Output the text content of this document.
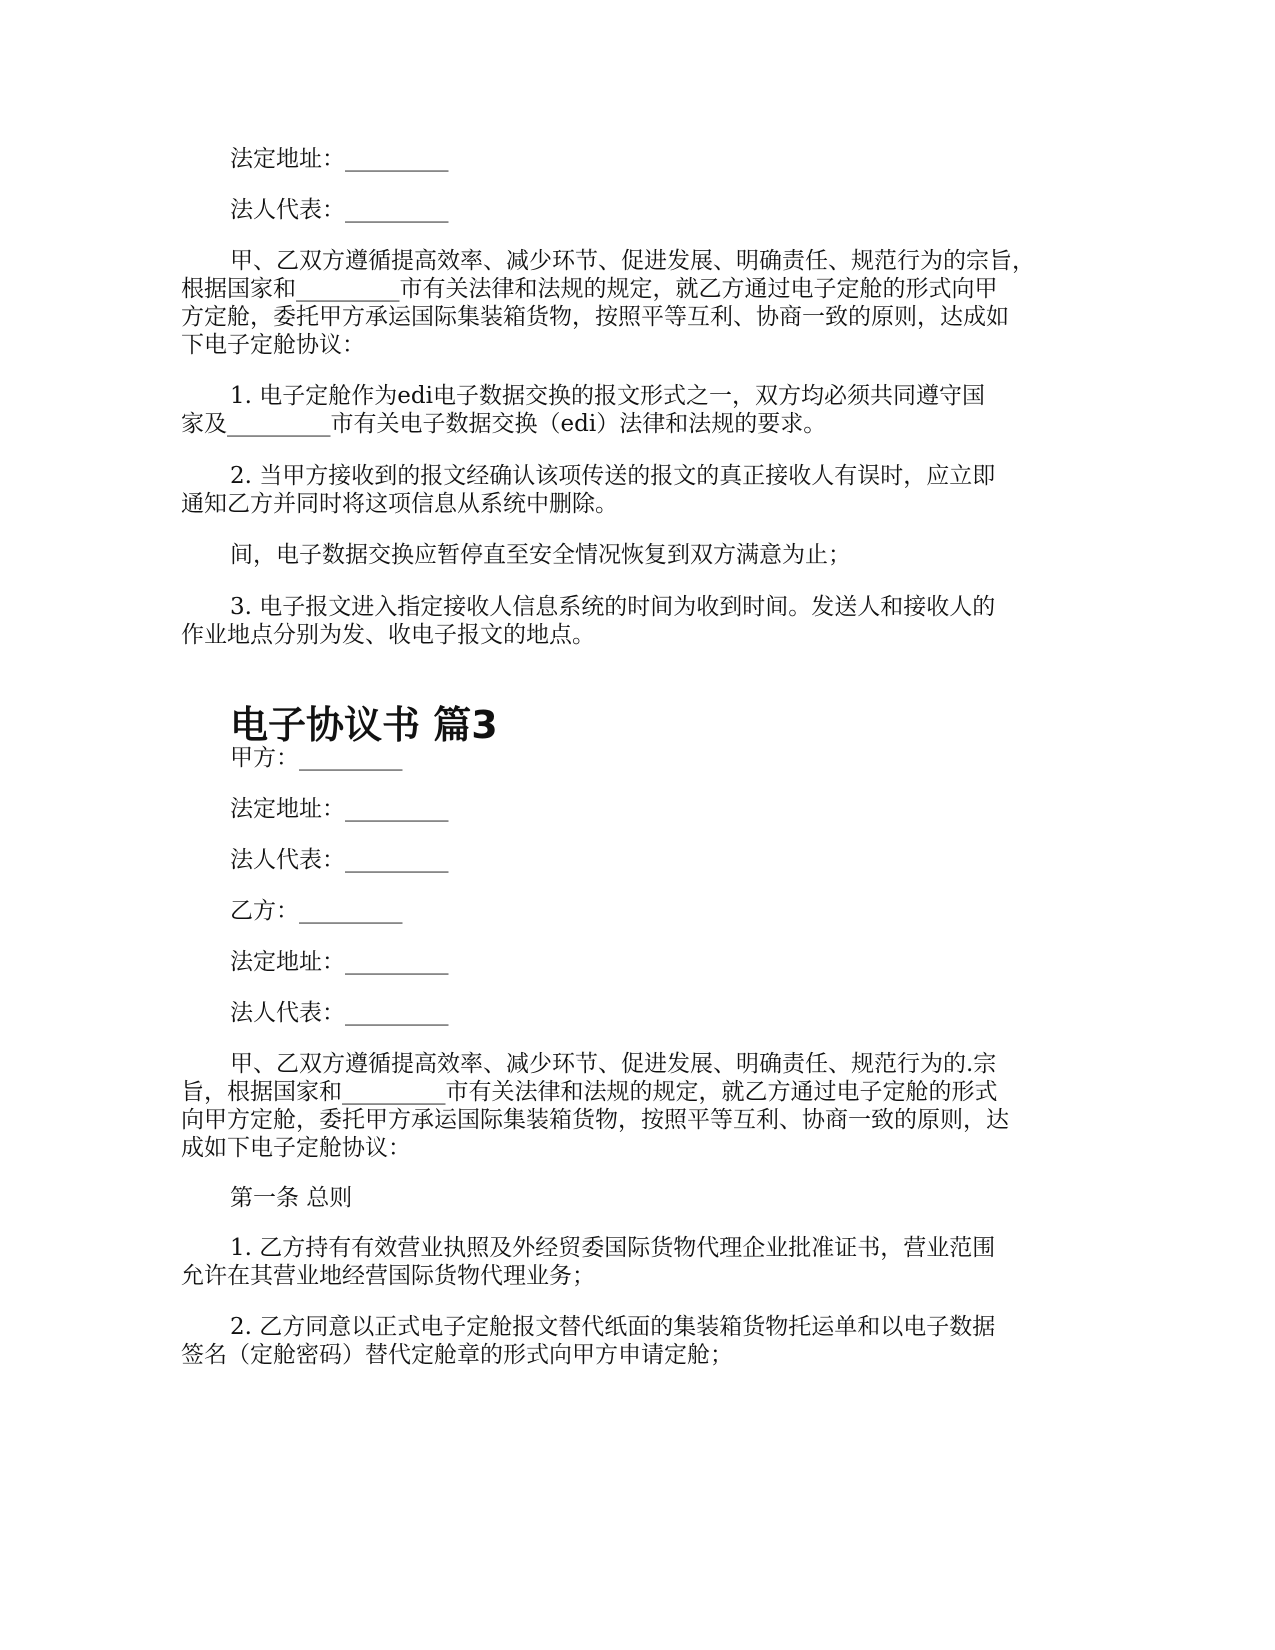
法定地址：_________
法人代表：_________
甲、乙双方遵循提高效率、减少环节、促进发展、明确责任、规范行为的宗旨，
根据国家和_________市有关法律和法规的规定，就乙方通过电子定舱的形式向甲
方定舱，委托甲方承运国际集装箱货物，按照平等互利、协商一致的原则，达成如
下电子定舱协议：
1. 电子定舱作为edi电子数据交换的报文形式之一，双方均必须共同遵守国
家及_________市有关电子数据交换（edi）法律和法规的要求。
2. 当甲方接收到的报文经确认该项传送的报文的真正接收人有误时，应立即
通知乙方并同时将这项信息从系统中删除。
间，电子数据交换应暂停直至安全情况恢复到双方满意为止；
3. 电子报文进入指定接收人信息系统的时间为收到时间。发送人和接收人的
作业地点分别为发、收电子报文的地点。
电子协议书 篇3
甲方：_________
法定地址：_________
法人代表：_________
乙方：_________
法定地址：_________
法人代表：_________
甲、乙双方遵循提高效率、减少环节、促进发展、明确责任、规范行为的.宗
旨，根据国家和_________市有关法律和法规的规定，就乙方通过电子定舱的形式
向甲方定舱，委托甲方承运国际集装箱货物，按照平等互利、协商一致的原则，达
成如下电子定舱协议：
第一条 总则
1. 乙方持有有效营业执照及外经贸委国际货物代理企业批准证书，营业范围
允许在其营业地经营国际货物代理业务；
2. 乙方同意以正式电子定舱报文替代纸面的集装箱货物托运单和以电子数据
签名（定舱密码）替代定舱章的形式向甲方申请定舱；
